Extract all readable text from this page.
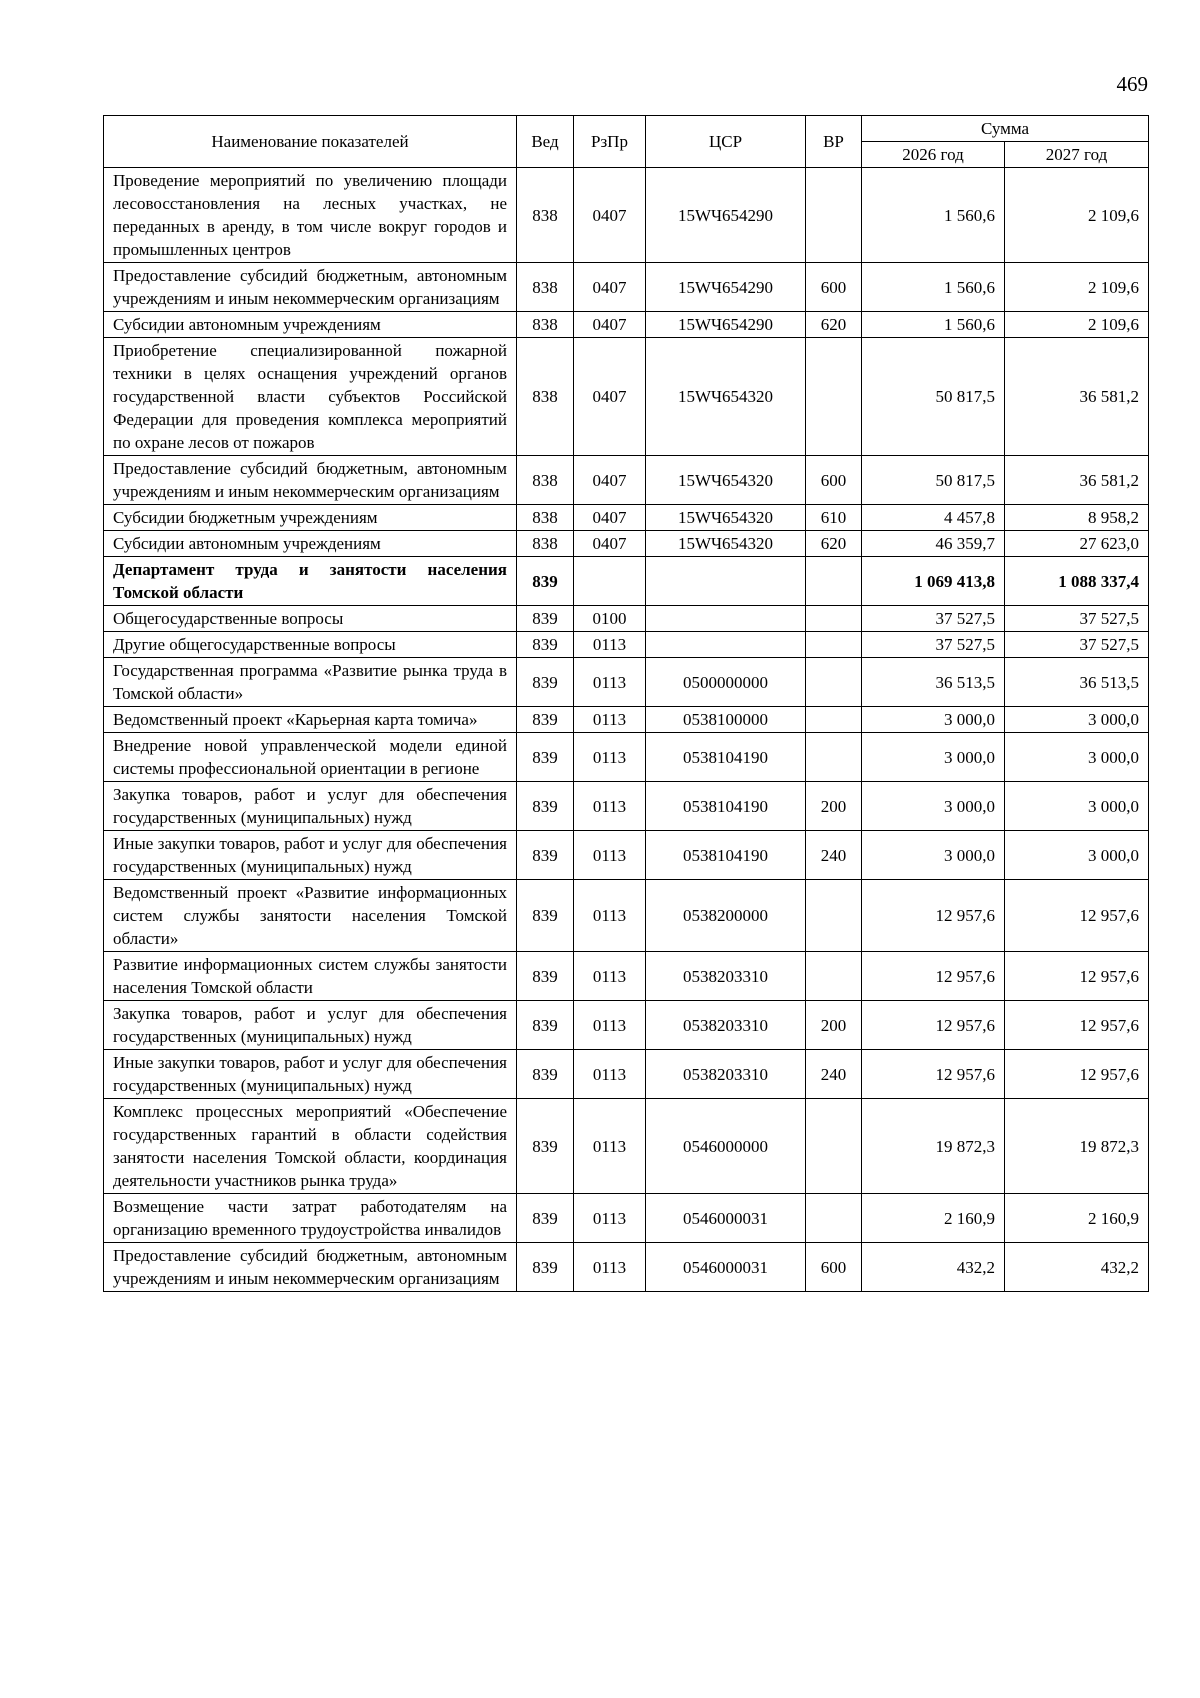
469
Наименование показателей	Вед	РзПр	ЦСР	ВР	Сумма	
					2026 год	2027 год
Проведение мероприятий по увеличению площади лесовосстановления на лесных участках, не переданных в аренду, в том числе вокруг городов и промышленных центров	838	0407	15WЧ654290		1 560,6	2 109,6
Предоставление субсидий бюджетным, автономным учреждениям и иным некоммерческим организациям	838	0407	15WЧ654290	600	1 560,6	2 109,6
Субсидии автономным учреждениям	838	0407	15WЧ654290	620	1 560,6	2 109,6
Приобретение специализированной пожарной техники в целях оснащения учреждений органов государственной власти субъектов Российской Федерации для проведения комплекса мероприятий по охране лесов от пожаров	838	0407	15WЧ654320		50 817,5	36 581,2
Предоставление субсидий бюджетным, автономным учреждениям и иным некоммерческим организациям	838	0407	15WЧ654320	600	50 817,5	36 581,2
Субсидии бюджетным учреждениям	838	0407	15WЧ654320	610	4 457,8	8 958,2
Субсидии автономным учреждениям	838	0407	15WЧ654320	620	46 359,7	27 623,0
Департамент труда и занятости населения Томской области	839				1 069 413,8	1 088 337,4
Общегосударственные вопросы	839	0100			37 527,5	37 527,5
Другие общегосударственные вопросы	839	0113			37 527,5	37 527,5
Государственная программа «Развитие рынка труда в Томской области»	839	0113	0500000000		36 513,5	36 513,5
Ведомственный проект «Карьерная карта томича»	839	0113	0538100000		3 000,0	3 000,0
Внедрение новой управленческой модели единой системы профессиональной ориентации в регионе	839	0113	0538104190		3 000,0	3 000,0
Закупка товаров, работ и услуг для обеспечения государственных (муниципальных) нужд	839	0113	0538104190	200	3 000,0	3 000,0
Иные закупки товаров, работ и услуг для обеспечения государственных (муниципальных) нужд	839	0113	0538104190	240	3 000,0	3 000,0
Ведомственный проект «Развитие информационных систем службы занятости населения Томской области»	839	0113	0538200000		12 957,6	12 957,6
Развитие информационных систем службы занятости населения Томской области	839	0113	0538203310		12 957,6	12 957,6
Закупка товаров, работ и услуг для обеспечения государственных (муниципальных) нужд	839	0113	0538203310	200	12 957,6	12 957,6
Иные закупки товаров, работ и услуг для обеспечения государственных (муниципальных) нужд	839	0113	0538203310	240	12 957,6	12 957,6
Комплекс процессных мероприятий «Обеспечение государственных гарантий в области содействия занятости населения Томской области, координация деятельности участников рынка труда»	839	0113	0546000000		19 872,3	19 872,3
Возмещение части затрат работодателям на организацию временного трудоустройства инвалидов	839	0113	0546000031		2 160,9	2 160,9
Предоставление субсидий бюджетным, автономным учреждениям и иным некоммерческим организациям	839	0113	0546000031	600	432,2	432,2
